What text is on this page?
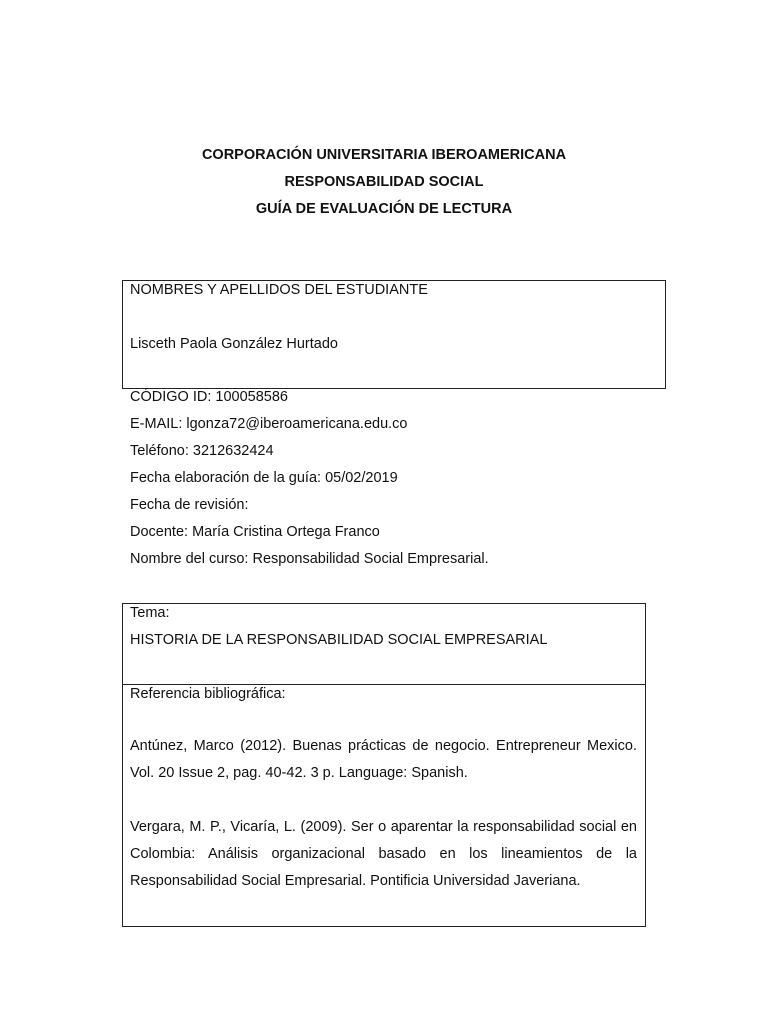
CORPORACIÓN UNIVERSITARIA IBEROAMERICANA
RESPONSABILIDAD SOCIAL
GUÍA DE EVALUACIÓN DE LECTURA
NOMBRES Y APELLIDOS DEL ESTUDIANTE
Lisceth Paola González Hurtado
CÓDIGO ID: 100058586
E-MAIL: lgonza72@iberoamericana.edu.co
Teléfono: 3212632424
Fecha elaboración de la guía: 05/02/2019
Fecha de revisión:
Docente: María Cristina Ortega Franco
Nombre del curso: Responsabilidad Social Empresarial.
Tema:
HISTORIA DE LA RESPONSABILIDAD SOCIAL EMPRESARIAL
Referencia bibliográfica:
Antúnez, Marco (2012). Buenas prácticas de negocio. Entrepreneur Mexico. Vol. 20 Issue 2, pag. 40-42. 3 p. Language: Spanish.
Vergara, M. P., Vicaría, L. (2009). Ser o aparentar la responsabilidad social en Colombia: Análisis organizacional basado en los lineamientos de la Responsabilidad Social Empresarial. Pontificia Universidad Javeriana.
